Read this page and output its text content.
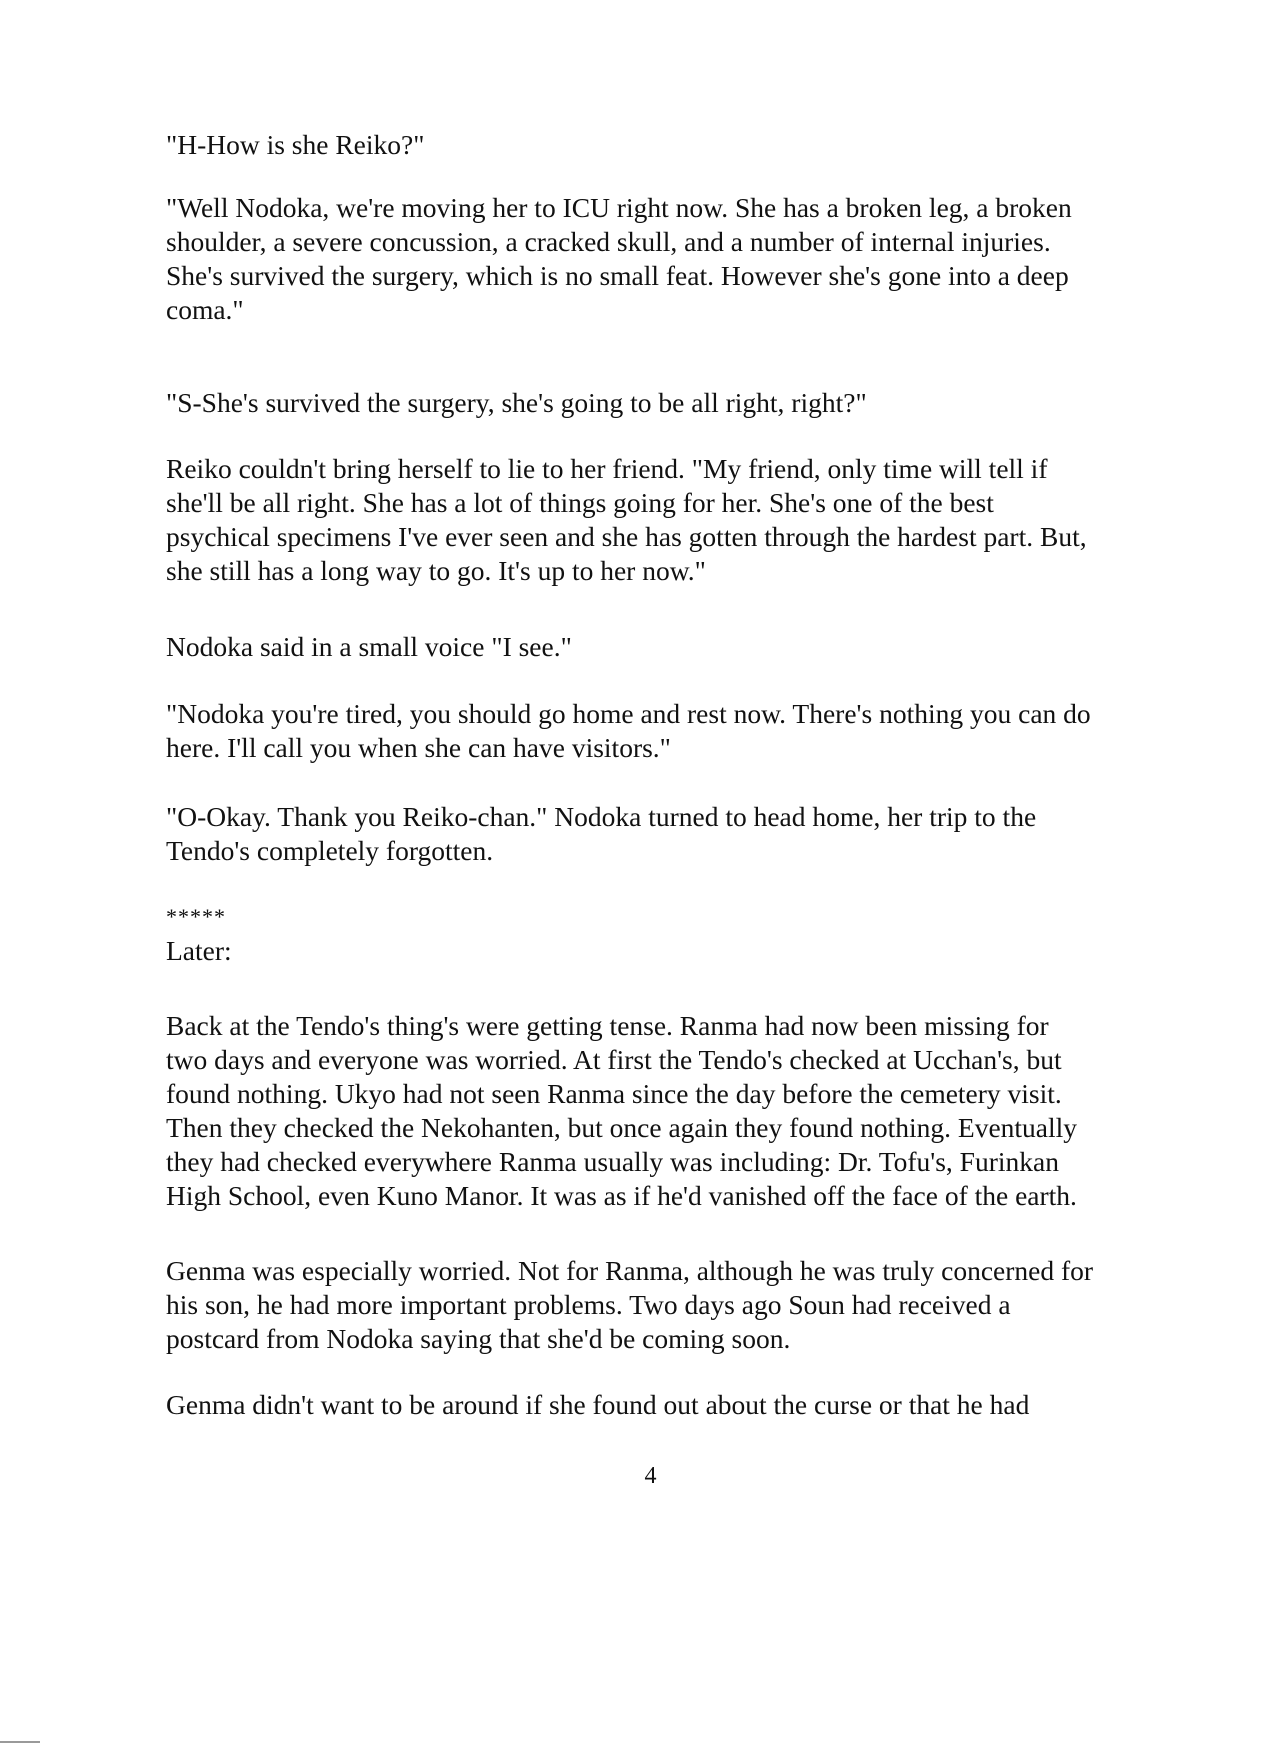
"H-How is she Reiko?"
"Well Nodoka, we're moving her to ICU right now. She has a broken leg, a broken
shoulder, a severe concussion, a cracked skull, and a number of internal injuries.
She's survived the surgery, which is no small feat. However she's gone into a deep
coma."
"S-She's survived the surgery, she's going to be all right, right?"
Reiko couldn't bring herself to lie to her friend. "My friend, only time will tell if
she'll be all right. She has a lot of things going for her. She's one of the best
psychical specimens I've ever seen and she has gotten through the hardest part. But,
she still has a long way to go. It's up to her now."
Nodoka said in a small voice "I see."
"Nodoka you're tired, you should go home and rest now. There's nothing you can do
here. I'll call you when she can have visitors."
"O-Okay. Thank you Reiko-chan." Nodoka turned to head home, her trip to the
Tendo's completely forgotten.
*****
Later:
Back at the Tendo's thing's were getting tense. Ranma had now been missing for
two days and everyone was worried. At first the Tendo's checked at Ucchan's, but
found nothing. Ukyo had not seen Ranma since the day before the cemetery visit.
Then they checked the Nekohanten, but once again they found nothing. Eventually
they had checked everywhere Ranma usually was including: Dr. Tofu's, Furinkan
High School, even Kuno Manor. It was as if he'd vanished off the face of the earth.
Genma was especially worried. Not for Ranma, although he was truly concerned for
his son, he had more important problems. Two days ago Soun had received a
postcard from Nodoka saying that she'd be coming soon.
Genma didn't want to be around if she found out about the curse or that he had
4
